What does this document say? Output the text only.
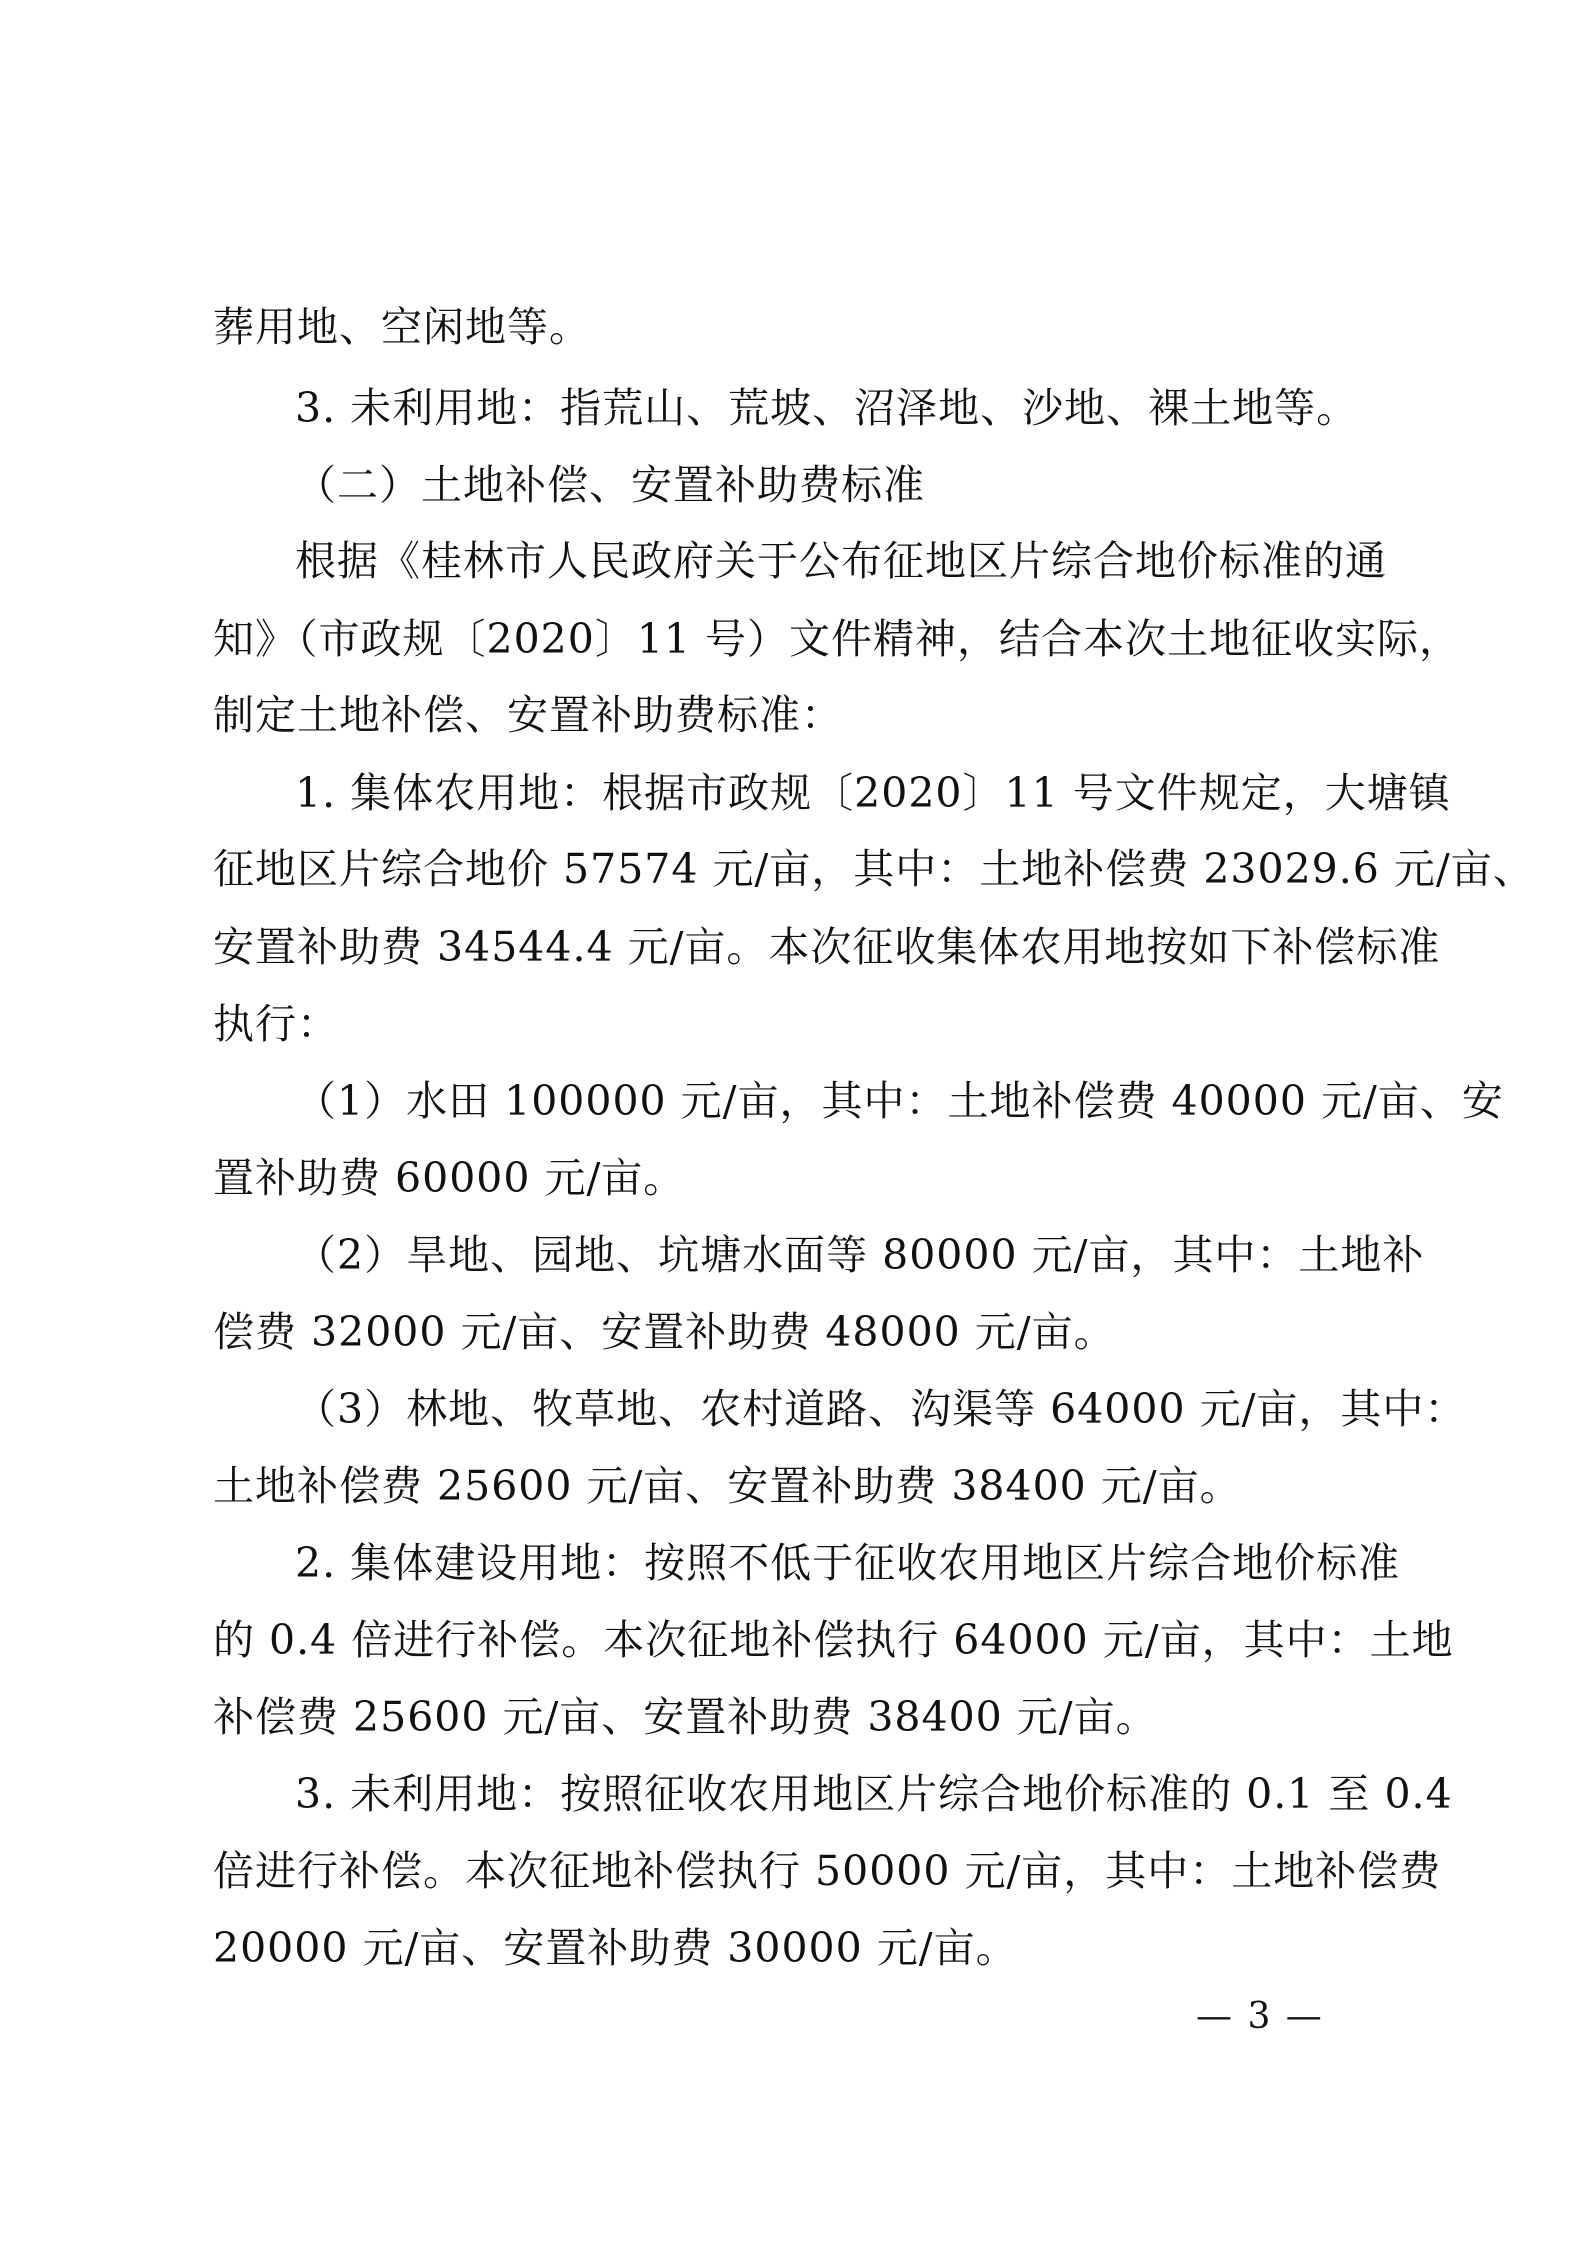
葬用地、空闲地等。
3. 未利用地：指荒山、荒坡、沼泽地、沙地、裸土地等。
（二）土地补偿、安置补助费标准
根据《桂林市人民政府关于公布征地区片综合地价标准的通
知》（市政规〔2020〕11 号）文件精神，结合本次土地征收实际，
制定土地补偿、安置补助费标准：
1. 集体农用地：根据市政规〔2020〕11 号文件规定，大塘镇
征地区片综合地价 57574 元/亩，其中：土地补偿费 23029.6 元/亩、
安置补助费 34544.4 元/亩。本次征收集体农用地按如下补偿标准
执行：
（1）水田 100000 元/亩，其中：土地补偿费 40000 元/亩、安
置补助费 60000 元/亩。
（2）旱地、园地、坑塘水面等 80000 元/亩，其中：土地补
偿费 32000 元/亩、安置补助费 48000 元/亩。
（3）林地、牧草地、农村道路、沟渠等 64000 元/亩，其中：
土地补偿费 25600 元/亩、安置补助费 38400 元/亩。
2. 集体建设用地：按照不低于征收农用地区片综合地价标准
的 0.4 倍进行补偿。本次征地补偿执行 64000 元/亩，其中：土地
补偿费 25600 元/亩、安置补助费 38400 元/亩。
3. 未利用地：按照征收农用地区片综合地价标准的 0.1 至 0.4
倍进行补偿。本次征地补偿执行 50000 元/亩，其中：土地补偿费
20000 元/亩、安置补助费 30000 元/亩。
— 3 —
